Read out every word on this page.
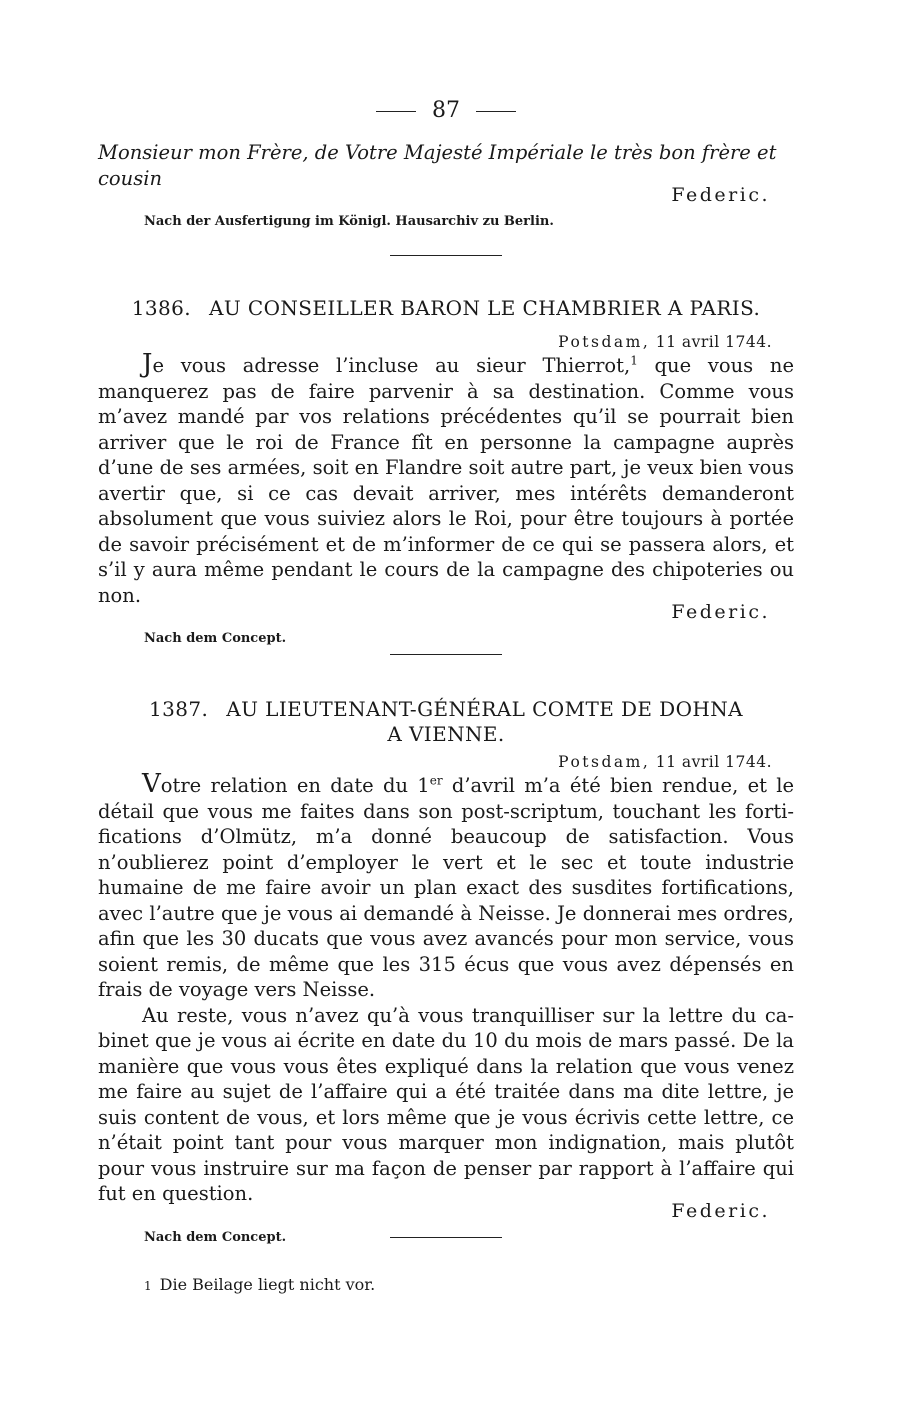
87

Monsieur mon Frère, de Votre Majesté Impériale le très bon frère et

cousin

Federic.
Nach der Ausfertigung im Königl. Hausarchiv zu Berlin.
1386. AU CONSEILLER BARON LE CHAMBRIER A PARIS.
Potsdam, 11 avril 1744.

Je vous adresse l’incluse au sieur Thierrot,$^1$ que vous ne manquerez pas de faire parvenir à sa destination. Comme vous m’avez mandé par vos relations précédentes qu’il se pourrait bien arriver que le roi de France fît en personne la campagne auprès d’une de ses armées, soit en Flandre soit autre part, je veux bien vous avertir que, si ce cas devait arriver, mes intérêts demanderont absolument que vous suiviez alors le Roi, pour être toujours à portée de savoir précisément et de m’informer de ce qui se passera alors, et s’il y aura même pendant le cours de la campagne des chipoteries ou non.

Federic.
Nach dem Concept.
1387. AU LIEUTENANT-GÉNÉRAL COMTE DE DOHNA
A VIENNE.
Potsdam, 11 avril 1744.

Votre relation en date du 1er d’avril m’a été bien rendue, et le détail que vous me faites dans son post-scriptum, touchant les fortifications d’Olmütz, m’a donné beaucoup de satisfaction. Vous n’oublierez point d’employer le vert et le sec et toute industrie humaine de me faire avoir un plan exact des susdites fortifications, avec l’autre que je vous ai demandé à Neisse. Je donnerai mes ordres, afin que les 30 ducats que vous avez avancés pour mon service, vous soient remis, de même que les 315 écus que vous avez dépensés en frais de voyage vers Neisse.

Au reste, vous n’avez qu’à vous tranquilliser sur la lettre du cabinet que je vous ai écrite en date du 10 du mois de mars passé. De la manière que vous vous êtes expliqué dans la relation que vous venez me faire au sujet de l’affaire qui a été traitée dans ma dite lettre, je suis content de vous, et lors même que je vous écrivis cette lettre, ce n’était point tant pour vous marquer mon indignation, mais plutôt pour vous instruire sur ma façon de penser par rapport à l’affaire qui fut en question.

Federic.
Nach dem Concept.
1 Die Beilage liegt nicht vor.
